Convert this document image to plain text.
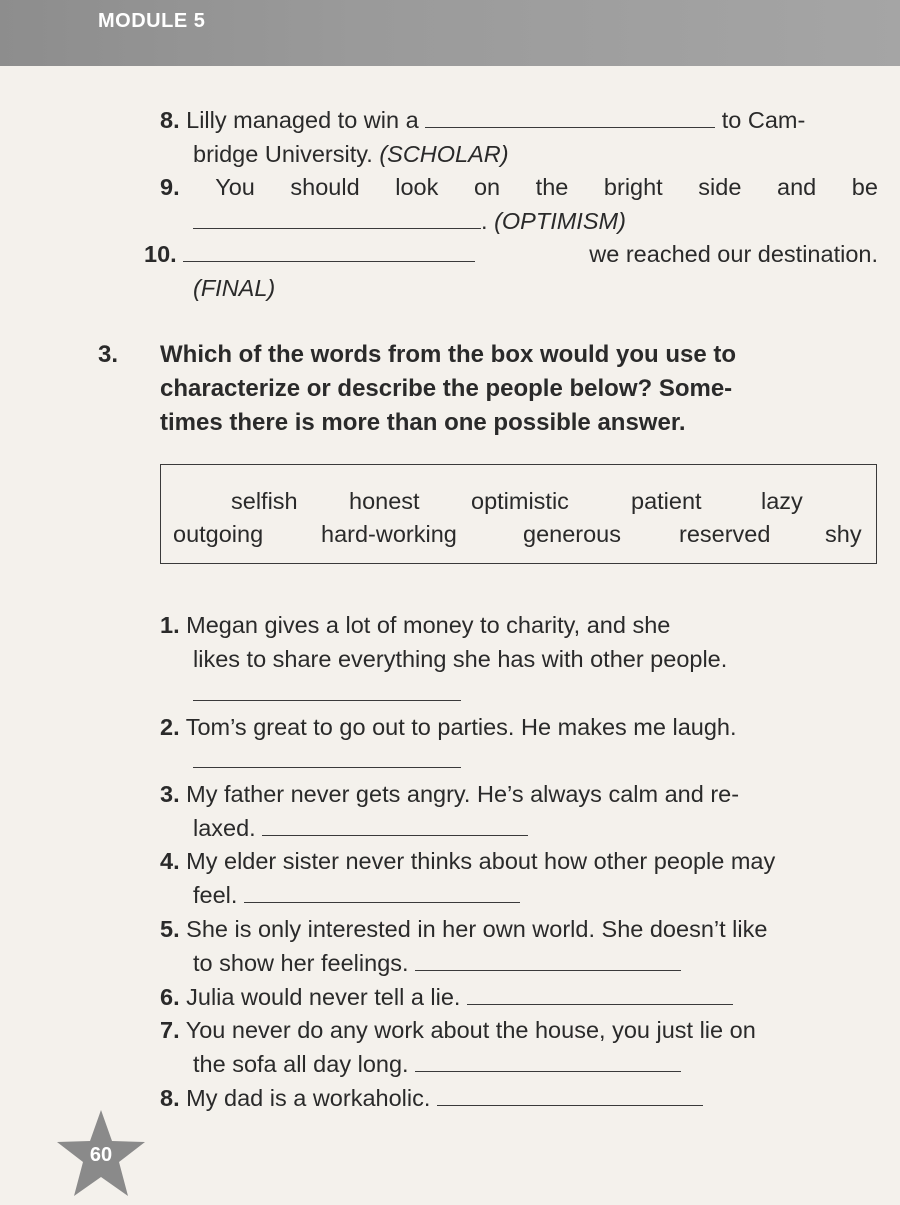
MODULE 5
8. Lilly managed to win a	to Cam-
bridge University. (SCHOLAR)
9. You should look on the bright side and be
. (OPTIMISM)
10.	we reached our destination.
(FINAL)
3. Which of the words from the box would you use to
characterize or describe the people below? Some-
times there is more than one possible answer.
selfish honest optimistic	patient	lazy
outgoing hard-working	generous reserved shy
1. Megan gives a lot of money to charity, and she
likes to share everything she has with other people.
2. Tom’s great to go out to parties. He makes me laugh.
3. My father never gets angry. He’s always calm and re-
laxed.
4. My elder sister never thinks about how other people may
feel.
5. She is only interested in her own world. She doesn’t like
to show her feelings.
6. Julia would never tell a lie.
7. You never do any work about the house, you just lie on
the sofa all day long.
8. My dad is a workaholic.
60
